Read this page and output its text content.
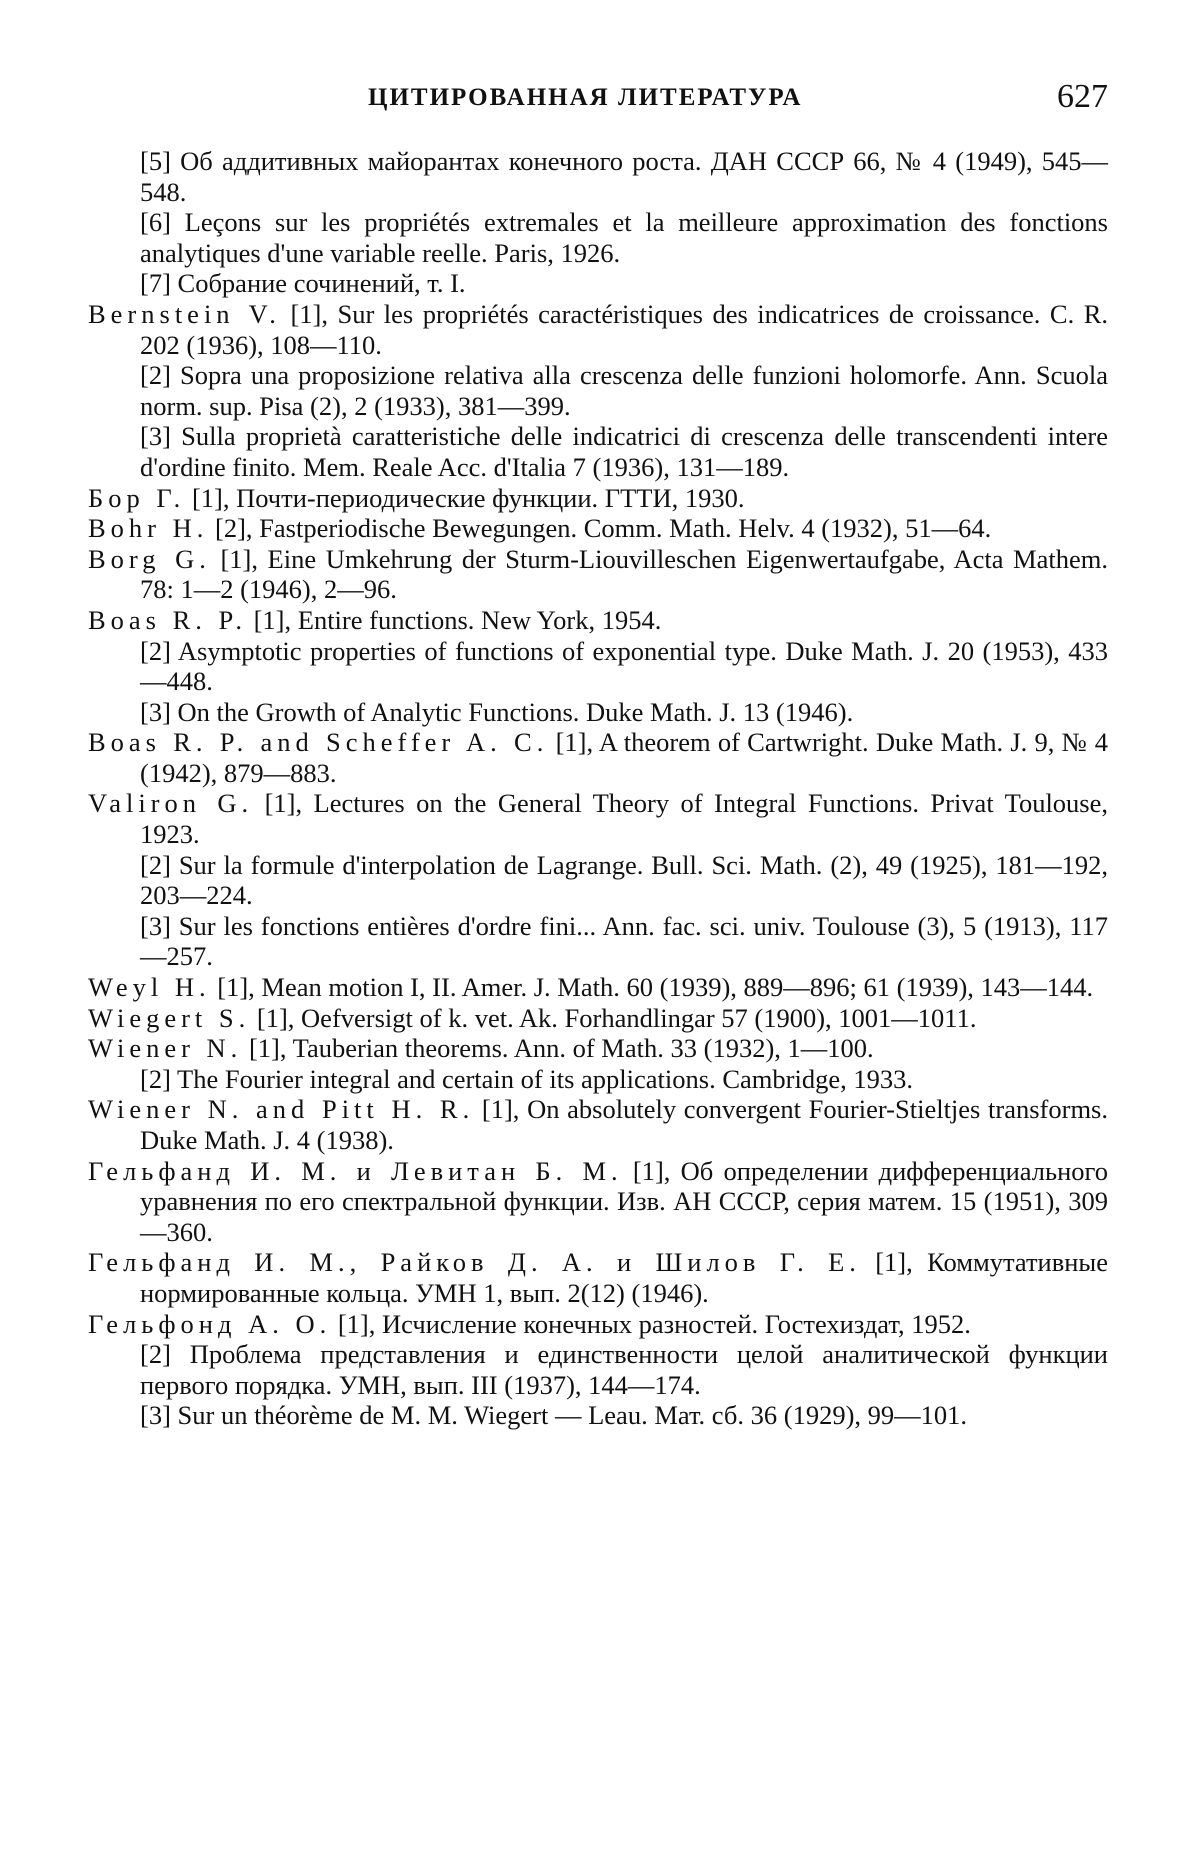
ЦИТИРОВАННАЯ ЛИТЕРАТУРА	627

[5] Об аддитивных майорантах конечного роста. ДАН СССР 66, № 4 (1949), 545—548.

[6] Leçons sur les propriétés extremales et la meilleure approximation des fonctions analytiques d'une variable reelle. Paris, 1926.

[7] Собрание сочинений, т. I.

Bernstein V. [1], Sur les propriétés caractéristiques des indicatrices de croissance. C. R. 202 (1936), 108—110.

[2] Sopra una proposizione relativa alla crescenza delle funzioni holomorfe. Ann. Scuola norm. sup. Pisa (2), 2 (1933), 381—399.

[3] Sulla proprietà caratteristiche delle indicatrici di crescenza delle transcendenti intere d'ordine finito. Mem. Reale Acc. d'Italia 7 (1936), 131—189.

Бор Г. [1], Почти-периодические функции. ГТТИ, 1930.

Bohr H. [2], Fastperiodische Bewegungen. Comm. Math. Helv. 4 (1932), 51—64.

Borg G. [1], Eine Umkehrung der Sturm-Liouvilleschen Eigenwertaufgabe, Acta Mathem. 78: 1—2 (1946), 2—96.

Boas R. P. [1], Entire functions. New York, 1954.

[2] Asymptotic properties of functions of exponential type. Duke Math. J. 20 (1953), 433—448.

[3] On the Growth of Analytic Functions. Duke Math. J. 13 (1946).

Boas R. P. and Scheffer A. C. [1], A theorem of Cartwright. Duke Math. J. 9, № 4 (1942), 879—883.

Valiron G. [1], Lectures on the General Theory of Integral Functions. Privat Toulouse, 1923.

[2] Sur la formule d'interpolation de Lagrange. Bull. Sci. Math. (2), 49 (1925), 181—192, 203—224.

[3] Sur les fonctions entières d'ordre fini... Ann. fac. sci. univ. Toulouse (3), 5 (1913), 117—257.

Weyl H. [1], Mean motion I, II. Amer. J. Math. 60 (1939), 889—896; 61 (1939), 143—144.

Wiegert S. [1], Oefversigt of k. vet. Ak. Forhandlingar 57 (1900), 1001—1011.

Wiener N. [1], Tauberian theorems. Ann. of Math. 33 (1932), 1—100.

[2] The Fourier integral and certain of its applications. Cambridge, 1933.

Wiener N. and Pitt H. R. [1], On absolutely convergent Fourier-Stieltjes transforms. Duke Math. J. 4 (1938).

Гельфанд И. М. и Левитан Б. М. [1], Об определении дифференциального уравнения по его спектральной функции. Изв. АН СССР, серия матем. 15 (1951), 309—360.

Гельфанд И. М., Райков Д. А. и Шилов Г. Е. [1], Коммутативные нормированные кольца. УМН 1, вып. 2(12) (1946).

Гельфонд А. О. [1], Исчисление конечных разностей. Гостехиздат, 1952.

[2] Проблема представления и единственности целой аналитической функции первого порядка. УМН, вып. III (1937), 144—174.

[3] Sur un théorème de M. M. Wiegert — Leau. Мат. сб. 36 (1929), 99—101.
